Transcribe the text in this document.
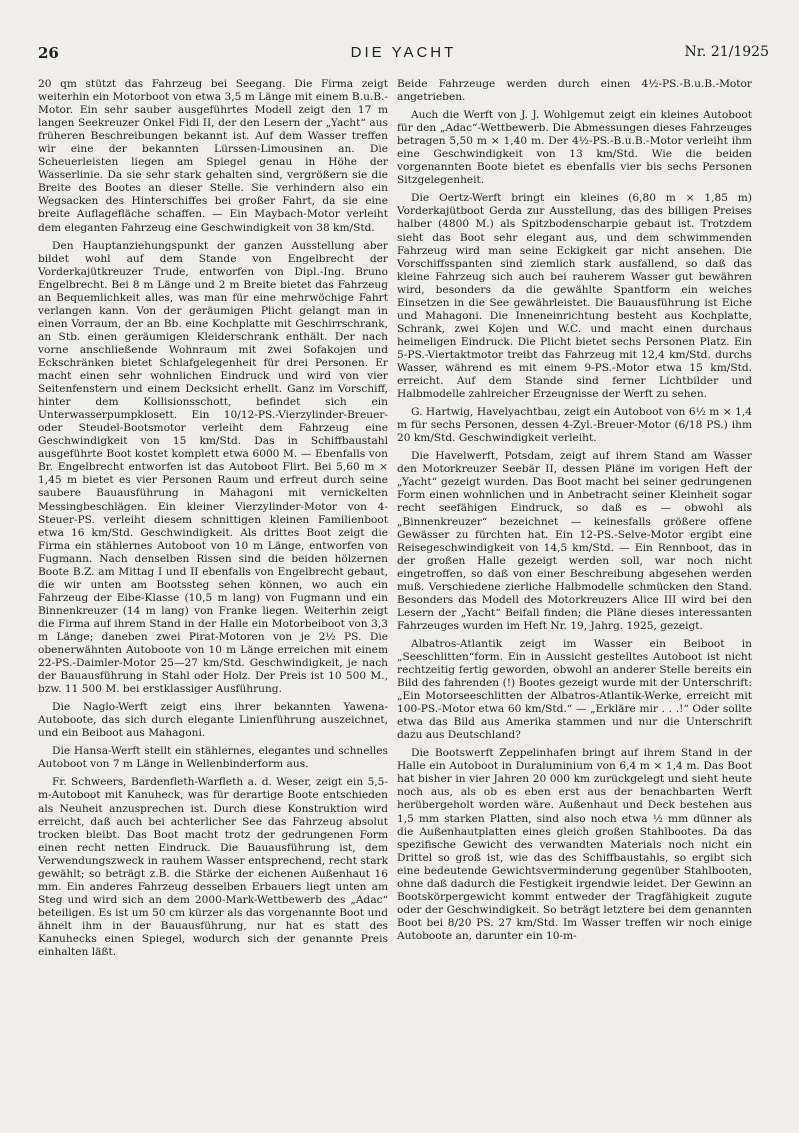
26	DIE YACHT	Nr. 21/1925

20 qm stützt das Fahrzeug bei Seegang. Die Firma zeigt weiterhin ein Motorboot von etwa 3,5 m Länge mit einem B.u.B.-Motor. Ein sehr sauber ausgeführtes Modell zeigt den 17 m langen Seekreuzer Onkel Fidi II, der den Lesern der „Yacht“ aus früheren Beschreibungen bekannt ist. Auf dem Wasser treffen wir eine der bekannten Lürssen-Limousinen an. Die Scheuerleisten liegen am Spiegel genau in Höhe der Wasserlinie. Da sie sehr stark gehalten sind, vergrößern sie die Breite des Bootes an dieser Stelle. Sie verhindern also ein Wegsacken des Hinterschiffes bei großer Fahrt, da sie eine breite Auflagefläche schaffen. — Ein Maybach-Motor verleiht dem eleganten Fahrzeug eine Geschwindigkeit von 38 km/Std.

Den Hauptanziehungspunkt der ganzen Ausstellung aber bildet wohl auf dem Stande von Engelbrecht der Vorderkajütkreuzer Trude, entworfen von Dipl.-Ing. Bruno Engelbrecht. Bei 8 m Länge und 2 m Breite bietet das Fahrzeug an Bequemlichkeit alles, was man für eine mehrwöchige Fahrt verlangen kann. Von der geräumigen Plicht gelangt man in einen Vorraum, der an Bb. eine Kochplatte mit Geschirrschrank, an Stb. einen geräumigen Kleiderschrank enthält. Der nach vorne anschließende Wohnraum mit zwei Sofakojen und Eckschränken bietet Schlafgelegenheit für drei Personen. Er macht einen sehr wohnlichen Eindruck und wird von vier Seitenfenstern und einem Decksicht erhellt. Ganz im Vorschiff, hinter dem Kollisionsschott, befindet sich ein Unterwasserpumpklosett. Ein 10/12-PS.-Vierzylinder-Breuer- oder Steudel-Bootsmotor verleiht dem Fahrzeug eine Geschwindigkeit von 15 km/Std. Das in Schiffbaustahl ausgeführte Boot kostet komplett etwa 6000 M. — Ebenfalls von Br. Engelbrecht entworfen ist das Autoboot Flirt. Bei 5,60 m × 1,45 m bietet es vier Personen Raum und erfreut durch seine saubere Bauausführung in Mahagoni mit vernickelten Messingbeschlägen. Ein kleiner Vierzylinder-Motor von 4-Steuer-PS. verleiht diesem schnittigen kleinen Familienboot etwa 16 km/Std. Geschwindigkeit. Als drittes Boot zeigt die Firma ein stählernes Autoboot von 10 m Länge, entworfen von Fugmann. Nach denselben Rissen sind die beiden hölzernen Boote B.Z. am Mittag I und II ebenfalls von Engelbrecht gebaut, die wir unten am Bootssteg sehen können, wo auch ein Fahrzeug der Eibe-Klasse (10,5 m lang) von Fugmann und ein Binnenkreuzer (14 m lang) von Franke liegen. Weiterhin zeigt die Firma auf ihrem Stand in der Halle ein Motorbeiboot von 3,3 m Länge; daneben zwei Pirat-Motoren von je 2½ PS. Die obenerwähnten Autoboote von 10 m Länge erreichen mit einem 22-PS.-Daimler-Motor 25—27 km/Std. Geschwindigkeit, je nach der Bauausführung in Stahl oder Holz. Der Preis ist 10 500 M., bzw. 11 500 M. bei erstklassiger Ausführung.

Die Naglo-Werft zeigt eins ihrer bekannten Yawena-Autoboote, das sich durch elegante Linienführung auszeichnet, und ein Beiboot aus Mahagoni.

Die Hansa-Werft stellt ein stählernes, elegantes und schnelles Autoboot von 7 m Länge in Wellenbinderform aus.

Fr. Schweers, Bardenfleth-Warfleth a. d. Weser, zeigt ein 5,5-m-Autoboot mit Kanuheck, was für derartige Boote entschieden als Neuheit anzusprechen ist. Durch diese Konstruktion wird erreicht, daß auch bei achterlicher See das Fahrzeug absolut trocken bleibt. Das Boot macht trotz der gedrungenen Form einen recht netten Eindruck. Die Bauausführung ist, dem Verwendungszweck in rauhem Wasser entsprechend, recht stark gewählt; so beträgt z.B. die Stärke der eichenen Außenhaut 16 mm. Ein anderes Fahrzeug desselben Erbauers liegt unten am Steg und wird sich an dem 2000-Mark-Wettbewerb des „Adac“ beteiligen. Es ist um 50 cm kürzer als das vorgenannte Boot und ähnelt ihm in der Bauausführung, nur hat es statt des Kanuhecks einen Spiegel, wodurch sich der genannte Preis einhalten läßt.

Beide Fahrzeuge werden durch einen 4½-PS.-B.u.B.-Motor angetrieben.

Auch die Werft von J. J. Wohlgemut zeigt ein kleines Autoboot für den „Adac“-Wettbewerb. Die Abmessungen dieses Fahrzeuges betragen 5,50 m × 1,40 m. Der 4½-PS.-B.u.B.-Motor verleiht ihm eine Geschwindigkeit von 13 km/Std. Wie die beiden vorgenannten Boote bietet es ebenfalls vier bis sechs Personen Sitzgelegenheit.

Die Oertz-Werft bringt ein kleines (6,80 m × 1,85 m) Vorderkajütboot Gerda zur Ausstellung, das des billigen Preises halber (4800 M.) als Spitzbodenscharpie gebaut ist. Trotzdem sieht das Boot sehr elegant aus, und dem schwimmenden Fahrzeug wird man seine Eckigkeit gar nicht ansehen. Die Vorschiffsspanten sind ziemlich stark ausfallend, so daß das kleine Fahrzeug sich auch bei rauherem Wasser gut bewähren wird, besonders da die gewählte Spantform ein weiches Einsetzen in die See gewährleistet. Die Bauausführung ist Eiche und Mahagoni. Die Inneneinrichtung besteht aus Kochplatte, Schrank, zwei Kojen und W.C. und macht einen durchaus heimeligen Eindruck. Die Plicht bietet sechs Personen Platz. Ein 5-PS.-Viertaktmotor treibt das Fahrzeug mit 12,4 km/Std. durchs Wasser, während es mit einem 9-PS.-Motor etwa 15 km/Std. erreicht. Auf dem Stande sind ferner Lichtbilder und Halbmodelle zahlreicher Erzeugnisse der Werft zu sehen.

G. Hartwig, Havelyachtbau, zeigt ein Autoboot von 6½ m × 1,4 m für sechs Personen, dessen 4-Zyl.-Breuer-Motor (6/18 PS.) ihm 20 km/Std. Geschwindigkeit verleiht.

Die Havelwerft, Potsdam, zeigt auf ihrem Stand am Wasser den Motorkreuzer Seebär II, dessen Pläne im vorigen Heft der „Yacht“ gezeigt wurden. Das Boot macht bei seiner gedrungenen Form einen wohnlichen und in Anbetracht seiner Kleinheit sogar recht seefähigen Eindruck, so daß es — obwohl als „Binnenkreuzer“ bezeichnet — keinesfalls größere offene Gewässer zu fürchten hat. Ein 12-PS.-Selve-Motor ergibt eine Reisegeschwindigkeit von 14,5 km/Std. — Ein Rennboot, das in der großen Halle gezeigt werden soll, war noch nicht eingetroffen, so daß von einer Beschreibung abgesehen werden muß. Verschiedene zierliche Halbmodelle schmücken den Stand. Besonders das Modell des Motorkreuzers Alice III wird bei den Lesern der „Yacht“ Beifall finden; die Pläne dieses interessanten Fahrzeuges wurden im Heft Nr. 19, Jahrg. 1925, gezeigt.

Albatros-Atlantik zeigt im Wasser ein Beiboot in „Seeschlitten“form. Ein in Aussicht gestelltes Autoboot ist nicht rechtzeitig fertig geworden, obwohl an anderer Stelle bereits ein Bild des fahrenden (!) Bootes gezeigt wurde mit der Unterschrift: „Ein Motorseeschlitten der Albatros-Atlantik-Werke, erreicht mit 100-PS.-Motor etwa 60 km/Std.“ — „Erkläre mir . . .!“ Oder sollte etwa das Bild aus Amerika stammen und nur die Unterschrift dazu aus Deutschland?

Die Bootswerft Zeppelinhafen bringt auf ihrem Stand in der Halle ein Autoboot in Duraluminium von 6,4 m × 1,4 m. Das Boot hat bisher in vier Jahren 20 000 km zurückgelegt und sieht heute noch aus, als ob es eben erst aus der benachbarten Werft herübergeholt worden wäre. Außenhaut und Deck bestehen aus 1,5 mm starken Platten, sind also noch etwa ½ mm dünner als die Außenhautplatten eines gleich großen Stahlbootes. Da das spezifische Gewicht des verwandten Materials noch nicht ein Drittel so groß ist, wie das des Schiffbaustahls, so ergibt sich eine bedeutende Gewichtsverminderung gegenüber Stahlbooten, ohne daß dadurch die Festigkeit irgendwie leidet. Der Gewinn an Bootskörpergewicht kommt entweder der Tragfähigkeit zugute oder der Geschwindigkeit. So beträgt letztere bei dem genannten Boot bei 8/20 PS. 27 km/Std. Im Wasser treffen wir noch einige Autoboote an, darunter ein 10-m-
